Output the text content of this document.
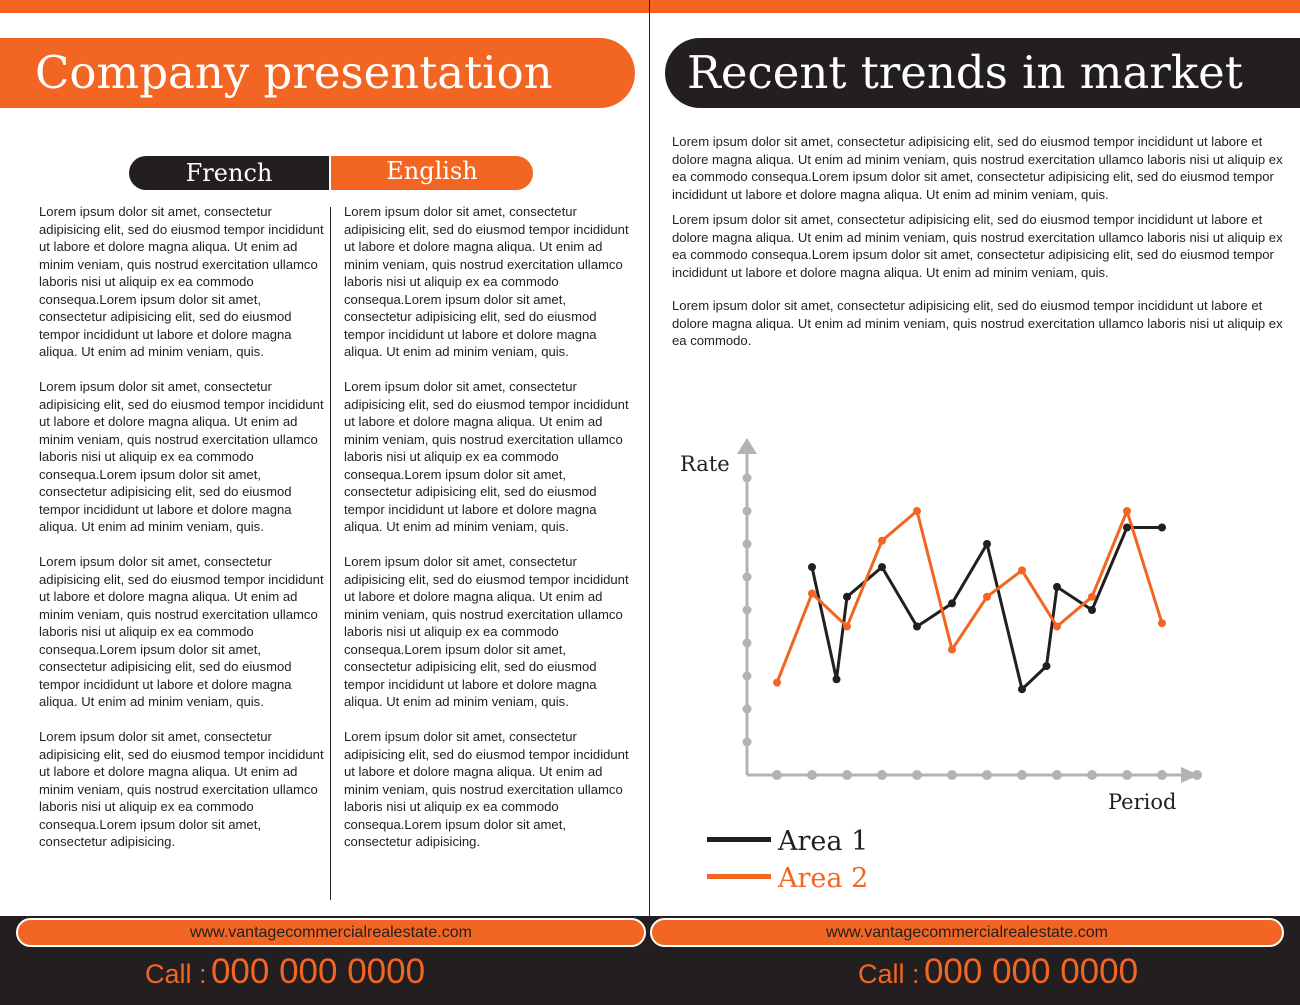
Company presentation
French	English

Lorem ipsum dolor sit amet, consectetur adipisicing elit, sed do eiusmod tempor incididunt ut labore et dolore magna aliqua. Ut enim ad minim veniam, quis nostrud exercitation ullamco laboris nisi ut aliquip ex ea commodo consequa.Lorem ipsum dolor sit amet, consectetur adipisicing elit, sed do eiusmod tempor incididunt ut labore et dolore magna aliqua. Ut enim ad minim veniam, quis.

Lorem ipsum dolor sit amet, consectetur adipisicing elit, sed do eiusmod tempor incididunt ut labore et dolore magna aliqua. Ut enim ad minim veniam, quis nostrud exercitation ullamco laboris nisi ut aliquip ex ea commodo consequa.Lorem ipsum dolor sit amet, consectetur adipisicing elit, sed do eiusmod tempor incididunt ut labore et dolore magna aliqua. Ut enim ad minim veniam, quis.

Lorem ipsum dolor sit amet, consectetur adipisicing elit, sed do eiusmod tempor incididunt ut labore et dolore magna aliqua. Ut enim ad minim veniam, quis nostrud exercitation ullamco laboris nisi ut aliquip ex ea commodo consequa.Lorem ipsum dolor sit amet, consectetur adipisicing elit, sed do eiusmod tempor incididunt ut labore et dolore magna aliqua. Ut enim ad minim veniam, quis.

Lorem ipsum dolor sit amet, consectetur adipisicing elit, sed do eiusmod tempor incididunt ut labore et dolore magna aliqua. Ut enim ad minim veniam, quis nostrud exercitation ullamco laboris nisi ut aliquip ex ea commodo consequa.Lorem ipsum dolor sit amet, consectetur adipisicing.

Lorem ipsum dolor sit amet, consectetur adipisicing elit, sed do eiusmod tempor incididunt ut labore et dolore magna aliqua. Ut enim ad minim veniam, quis nostrud exercitation ullamco laboris nisi ut aliquip ex ea commodo consequa.Lorem ipsum dolor sit amet, consectetur adipisicing elit, sed do eiusmod tempor incididunt ut labore et dolore magna aliqua. Ut enim ad minim veniam, quis.

Lorem ipsum dolor sit amet, consectetur adipisicing elit, sed do eiusmod tempor incididunt ut labore et dolore magna aliqua. Ut enim ad minim veniam, quis nostrud exercitation ullamco laboris nisi ut aliquip ex ea commodo consequa.Lorem ipsum dolor sit amet, consectetur adipisicing elit, sed do eiusmod tempor incididunt ut labore et dolore magna aliqua. Ut enim ad minim veniam, quis.

Lorem ipsum dolor sit amet, consectetur adipisicing elit, sed do eiusmod tempor incididunt ut labore et dolore magna aliqua. Ut enim ad minim veniam, quis nostrud exercitation ullamco laboris nisi ut aliquip ex ea commodo consequa.Lorem ipsum dolor sit amet, consectetur adipisicing elit, sed do eiusmod tempor incididunt ut labore et dolore magna aliqua. Ut enim ad minim veniam, quis.

Lorem ipsum dolor sit amet, consectetur adipisicing elit, sed do eiusmod tempor incididunt ut labore et dolore magna aliqua. Ut enim ad minim veniam, quis nostrud exercitation ullamco laboris nisi ut aliquip ex ea commodo consequa.Lorem ipsum dolor sit amet, consectetur adipisicing.

Recent trends in market

Lorem ipsum dolor sit amet, consectetur adipisicing elit, sed do eiusmod tempor incididunt ut labore et dolore magna aliqua. Ut enim ad minim veniam, quis nostrud exercitation ullamco laboris nisi ut aliquip ex ea commodo consequa.Lorem ipsum dolor sit amet, consectetur adipisicing elit, sed do eiusmod tempor incididunt ut labore et dolore magna aliqua. Ut enim ad minim veniam, quis.

Lorem ipsum dolor sit amet, consectetur adipisicing elit, sed do eiusmod tempor incididunt ut labore et dolore magna aliqua. Ut enim ad minim veniam, quis nostrud exercitation ullamco laboris nisi ut aliquip ex ea commodo consequa.Lorem ipsum dolor sit amet, consectetur adipisicing elit, sed do eiusmod tempor incididunt ut labore et dolore magna aliqua. Ut enim ad minim veniam, quis.

Lorem ipsum dolor sit amet, consectetur adipisicing elit, sed do eiusmod tempor incididunt ut labore et dolore magna aliqua. Ut enim ad minim veniam, quis nostrud exercitation ullamco laboris nisi ut aliquip ex ea commodo.

Rate
Period
Area 1
Area 2
www.vantagecommercialrealestate.com	www.vantagecommercialrealestate.com
Call : 000 000 0000	Call : 000 000 0000
